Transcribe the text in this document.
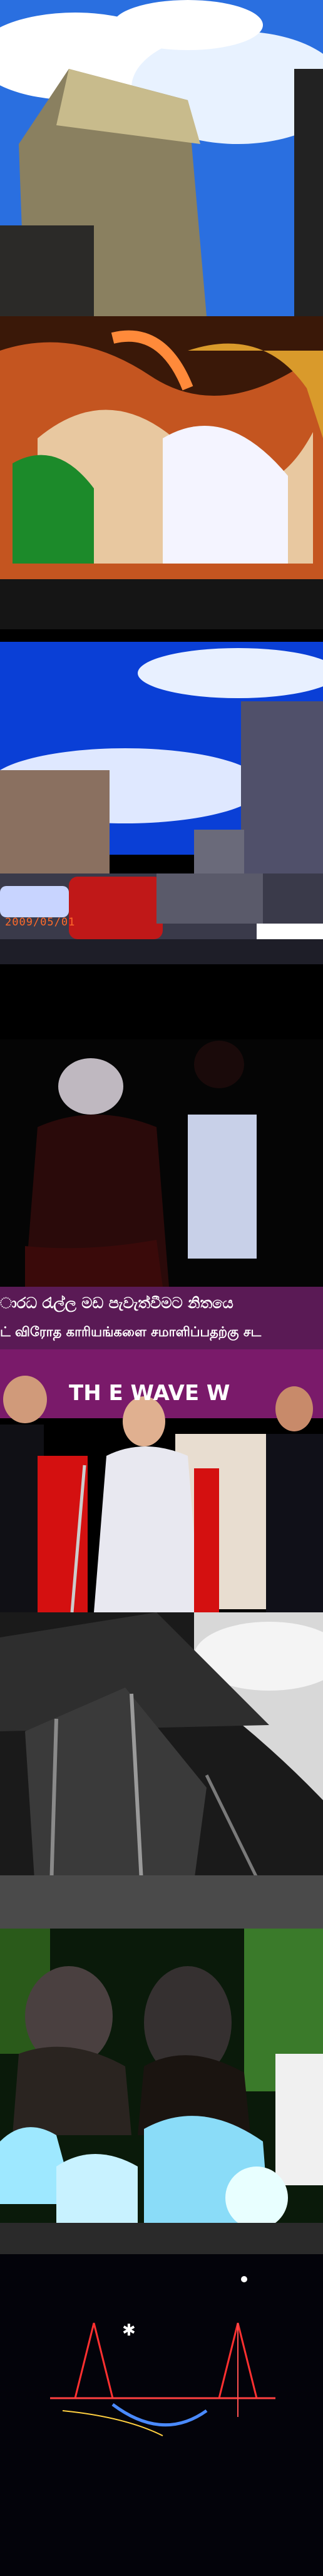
2009/05/01
ාරධ රැල්ල මඩ පැවැත්වීමට නිතයෙ
ட் விரோத காரியங்களை சமாளிப்பதற்கு சட
TH E WAVE W
✱
